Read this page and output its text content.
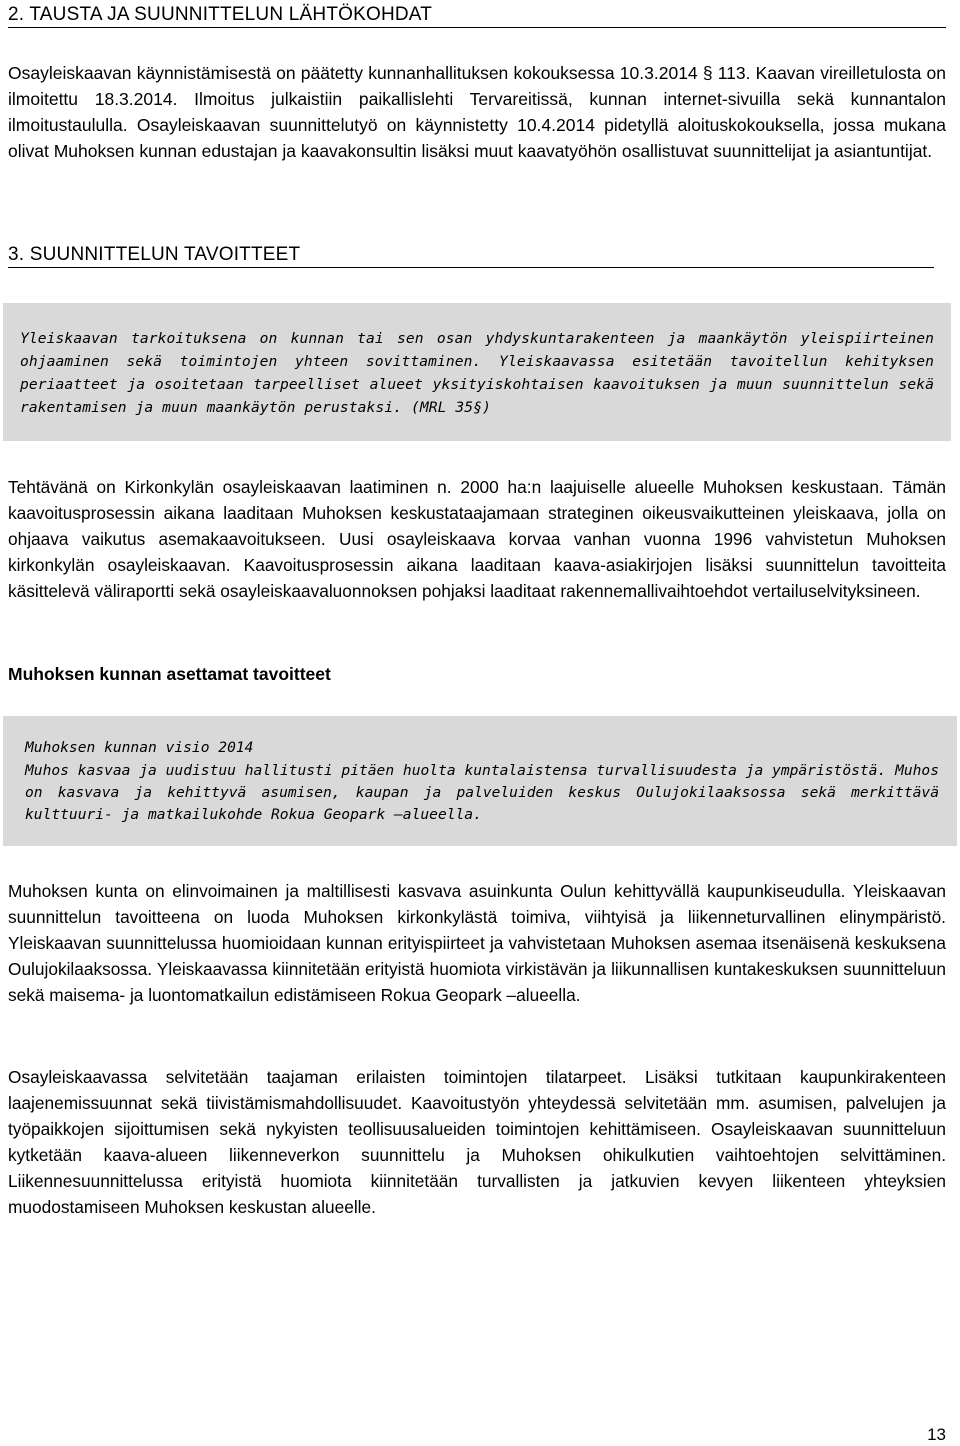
2. TAUSTA JA SUUNNITTELUN LÄHTÖKOHDAT

Osayleiskaavan käynnistämisestä on päätetty kunnanhallituksen kokouksessa 10.3.2014 § 113. Kaavan vireilletulosta on ilmoitettu 18.3.2014. Ilmoitus julkaistiin paikallislehti Tervareitissä, kunnan internet-sivuilla sekä kunnantalon ilmoitustaululla. Osayleiskaavan suunnittelutyö on käynnistetty 10.4.2014 pidetyllä aloituskokouksella, jossa mukana olivat Muhoksen kunnan edustajan ja kaavakonsultin lisäksi muut kaavatyöhön osallistuvat suunnittelijat ja asiantuntijat.

3. SUUNNITTELUN TAVOITTEET

Yleiskaavan tarkoituksena on kunnan tai sen osan yhdyskuntarakenteen ja maankäytön yleispiirteinen ohjaaminen sekä toimintojen yhteen sovittaminen. Yleiskaavassa esitetään tavoitellun kehityksen periaatteet ja osoitetaan tarpeelliset alueet yksityiskohtaisen kaavoituksen ja muun suunnittelun sekä rakentamisen ja muun maankäytön perustaksi. (MRL 35§)

Tehtävänä on Kirkonkylän osayleiskaavan laatiminen n. 2000 ha:n laajuiselle alueelle Muhoksen keskustaan. Tämän kaavoitusprosessin aikana laaditaan Muhoksen keskustataajamaan strateginen oikeusvaikutteinen yleiskaava, jolla on ohjaava vaikutus asemakaavoitukseen. Uusi osayleiskaava korvaa vanhan vuonna 1996 vahvistetun Muhoksen kirkonkylän osayleiskaavan. Kaavoitusprosessin aikana laaditaan kaava-asiakirjojen lisäksi suunnittelun tavoitteita käsittelevä väliraportti sekä osayleiskaavaluonnoksen pohjaksi laaditaat rakennemallivaihtoehdot vertailuselvityksineen.

Muhoksen kunnan asettamat tavoitteet

Muhoksen kunnan visio 2014

Muhos kasvaa ja uudistuu hallitusti pitäen huolta kuntalaistensa turvallisuudesta ja ympäristöstä. Muhos on kasvava ja kehittyvä asumisen, kaupan ja palveluiden keskus Oulujokilaaksossa sekä merkittävä kulttuuri- ja matkailukohde Rokua Geopark –alueella.

Muhoksen kunta on elinvoimainen ja maltillisesti kasvava asuinkunta Oulun kehittyvällä kaupunkiseudulla. Yleiskaavan suunnittelun tavoitteena on luoda Muhoksen kirkonkylästä toimiva, viihtyisä ja liikenneturvallinen elinympäristö. Yleiskaavan suunnittelussa huomioidaan kunnan erityispiirteet ja vahvistetaan Muhoksen asemaa itsenäisenä keskuksena Oulujokilaaksossa. Yleiskaavassa kiinnitetään erityistä huomiota virkistävän ja liikunnallisen kuntakeskuksen suunnitteluun sekä maisema- ja luontomatkailun edistämiseen Rokua Geopark –alueella.

Osayleiskaavassa selvitetään taajaman erilaisten toimintojen tilatarpeet. Lisäksi tutkitaan kaupunkirakenteen laajenemissuunnat sekä tiivistämismahdollisuudet. Kaavoitustyön yhteydessä selvitetään mm. asumisen, palvelujen ja työpaikkojen sijoittumisen sekä nykyisten teollisuusalueiden toimintojen kehittämiseen. Osayleiskaavan suunnitteluun kytketään kaava-alueen liikenneverkon suunnittelu ja Muhoksen ohikulkutien vaihtoehtojen selvittäminen. Liikennesuunnittelussa erityistä huomiota kiinnitetään turvallisten ja jatkuvien kevyen liikenteen yhteyksien muodostamiseen Muhoksen keskustan alueelle.

13
